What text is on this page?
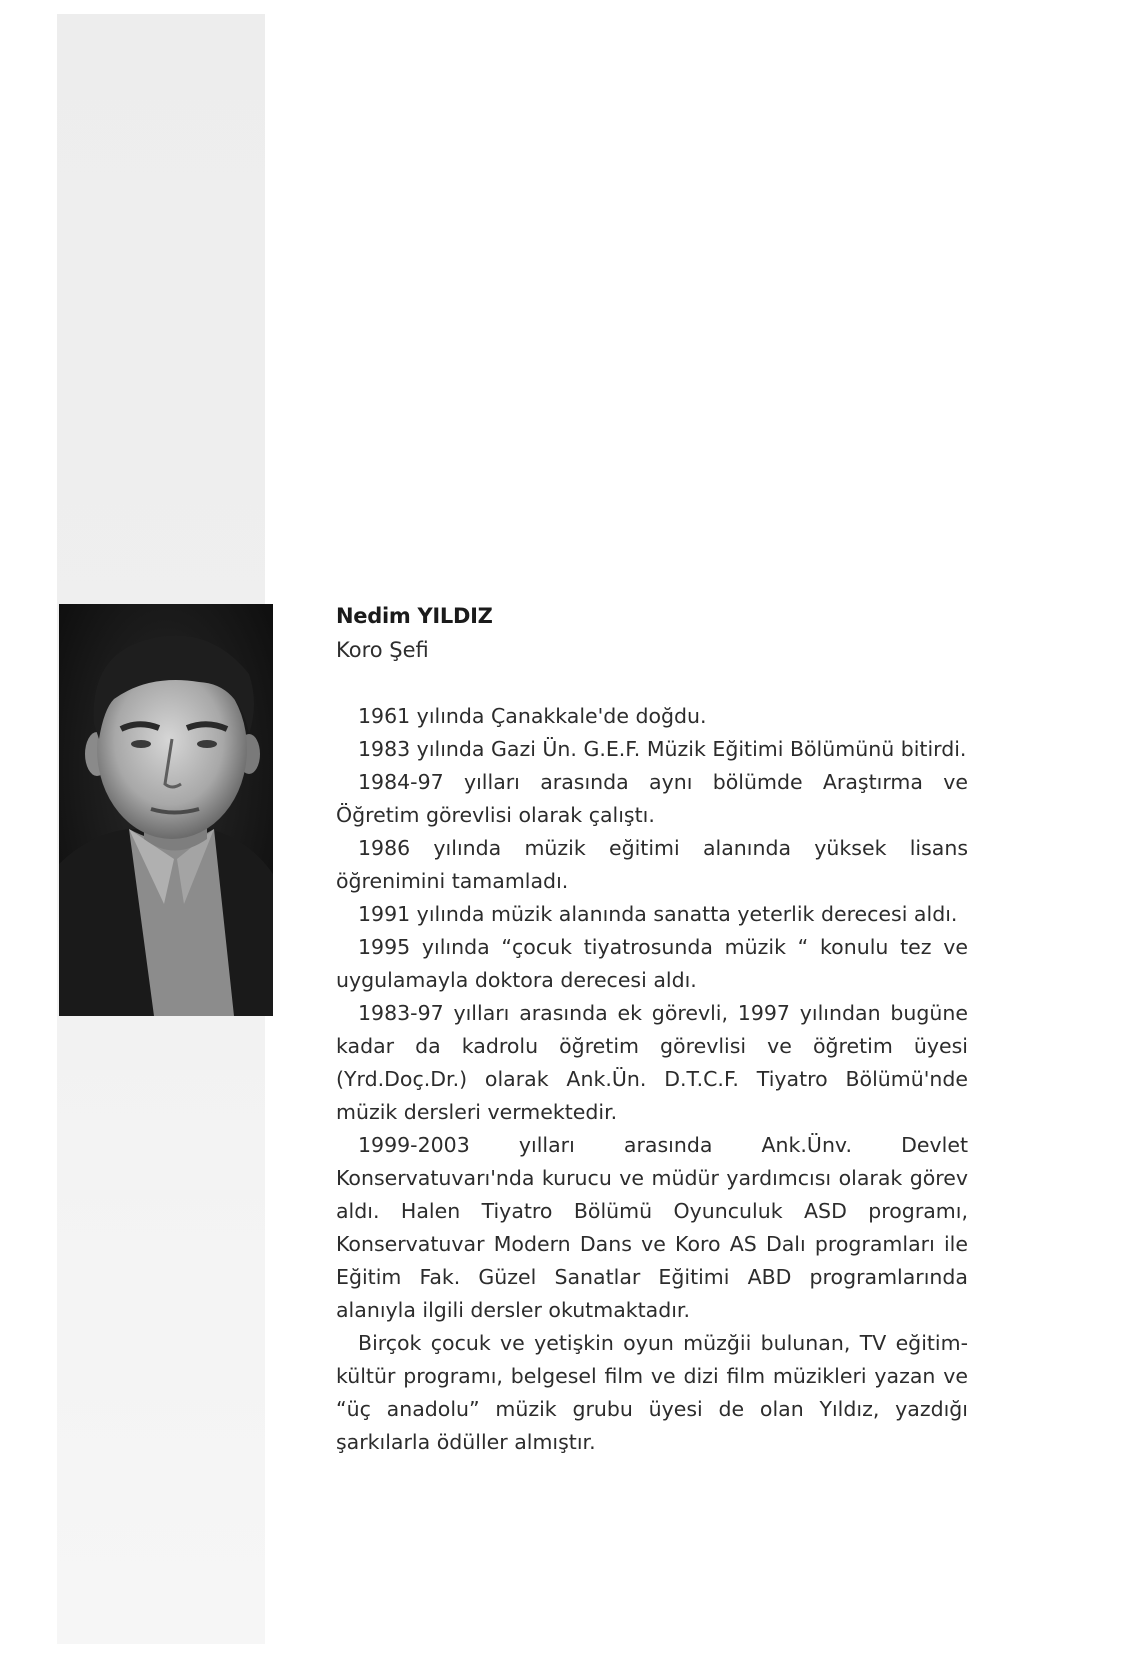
Nedim YILDIZ

Koro Şefi

1961 yılında Çanakkale'de doğdu.

1983 yılında Gazi Ün. G.E.F. Müzik Eğitimi Bölümünü bitirdi.

1984-97 yılları arasında aynı bölümde Araştırma ve Öğretim görevlisi olarak çalıştı.

1986 yılında müzik eğitimi alanında yüksek lisans öğrenimini tamamladı.

1991 yılında müzik alanında sanatta yeterlik derecesi aldı.

1995 yılında “çocuk tiyatrosunda müzik “ konulu tez ve uygulamayla doktora derecesi aldı.

1983-97 yılları arasında ek görevli, 1997 yılından bugüne kadar da kadrolu öğretim görevlisi ve öğretim üyesi (Yrd.Doç.Dr.) olarak Ank.Ün. D.T.C.F. Tiyatro Bölümü'nde müzik dersleri vermektedir.

1999-2003 yılları arasında Ank.Ünv. Devlet Konservatuvarı'nda kurucu ve müdür yardımcısı olarak görev aldı. Halen Tiyatro Bölümü Oyunculuk ASD programı, Konservatuvar Modern Dans ve Koro AS Dalı programları ile Eğitim Fak. Güzel Sanatlar Eğitimi ABD programlarında alanıyla ilgili dersler okutmaktadır.

Birçok çocuk ve yetişkin oyun müzğii bulunan, TV eğitim-kültür programı, belgesel film ve dizi film müzikleri yazan ve “üç anadolu” müzik grubu üyesi de olan Yıldız, yazdığı şarkılarla ödüller almıştır.
